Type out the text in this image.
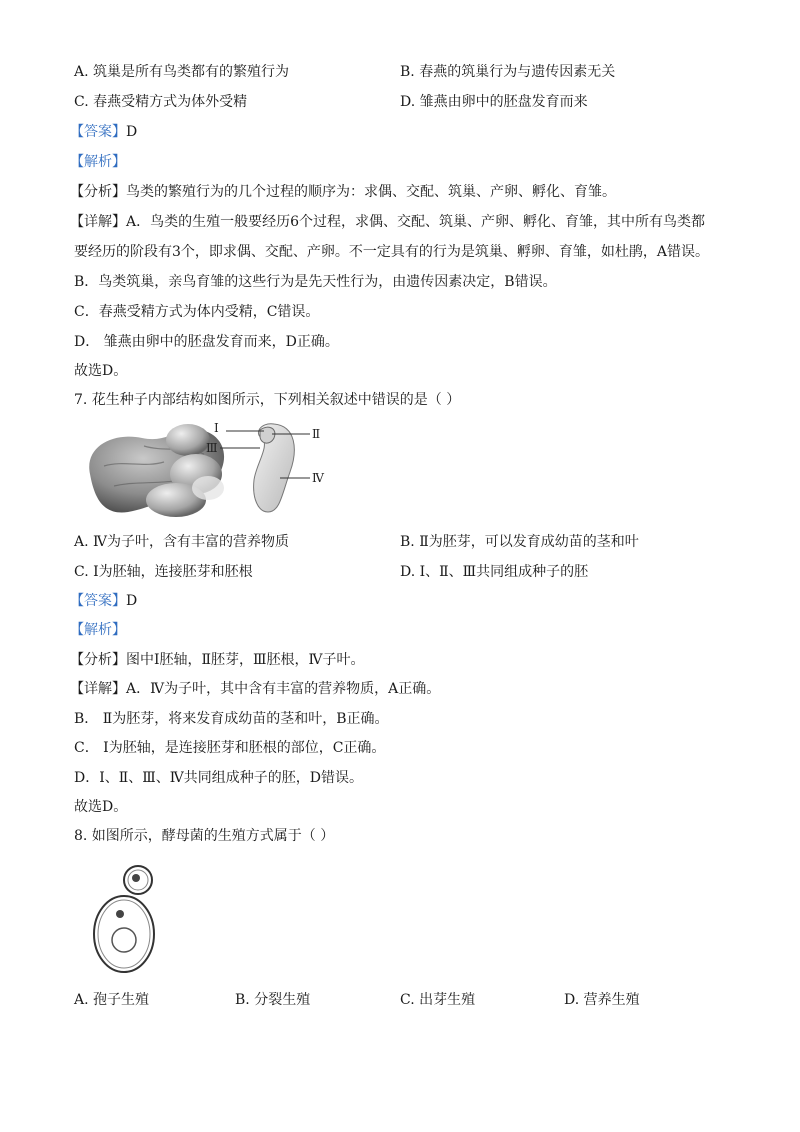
A. 筑巢是所有鸟类都有的繁殖行为	B. 春燕的筑巢行为与遗传因素无关
C. 春燕受精方式为体外受精	D. 雏燕由卵中的胚盘发育而来
【答案】D
【解析】
【分析】鸟类的繁殖行为的几个过程的顺序为：求偶、交配、筑巢、产卵、孵化、育雏。
【详解】A．鸟类的生殖一般要经历6个过程，求偶、交配、筑巢、产卵、孵化、育雏，其中所有鸟类都
要经历的阶段有3个，即求偶、交配、产卵。不一定具有的行为是筑巢、孵卵、育雏，如杜鹃，A错误。
B．鸟类筑巢，亲鸟育雏的这些行为是先天性行为，由遗传因素决定，B错误。
C．春燕受精方式为体内受精，C错误。
D． 雏燕由卵中的胚盘发育而来，D正确。
故选D。
7. 花生种子内部结构如图所示，下列相关叙述中错误的是（ ）
Ⅰ
Ⅲ
Ⅱ
Ⅳ
A. Ⅳ为子叶，含有丰富的营养物质	B. Ⅱ为胚芽，可以发育成幼苗的茎和叶
C. Ⅰ为胚轴，连接胚芽和胚根	D. Ⅰ、Ⅱ、Ⅲ共同组成种子的胚
【答案】D
【解析】
【分析】图中Ⅰ胚轴，Ⅱ胚芽，Ⅲ胚根，Ⅳ子叶。
【详解】A．Ⅳ为子叶，其中含有丰富的营养物质，A正确。
B． Ⅱ为胚芽，将来发育成幼苗的茎和叶，B正确。
C． Ⅰ为胚轴，是连接胚芽和胚根的部位，C正确。
D．Ⅰ、Ⅱ、Ⅲ、Ⅳ共同组成种子的胚，D错误。
故选D。
8. 如图所示，酵母菌的生殖方式属于（ ）
A. 孢子生殖	B. 分裂生殖	C. 出芽生殖	D. 营养生殖
